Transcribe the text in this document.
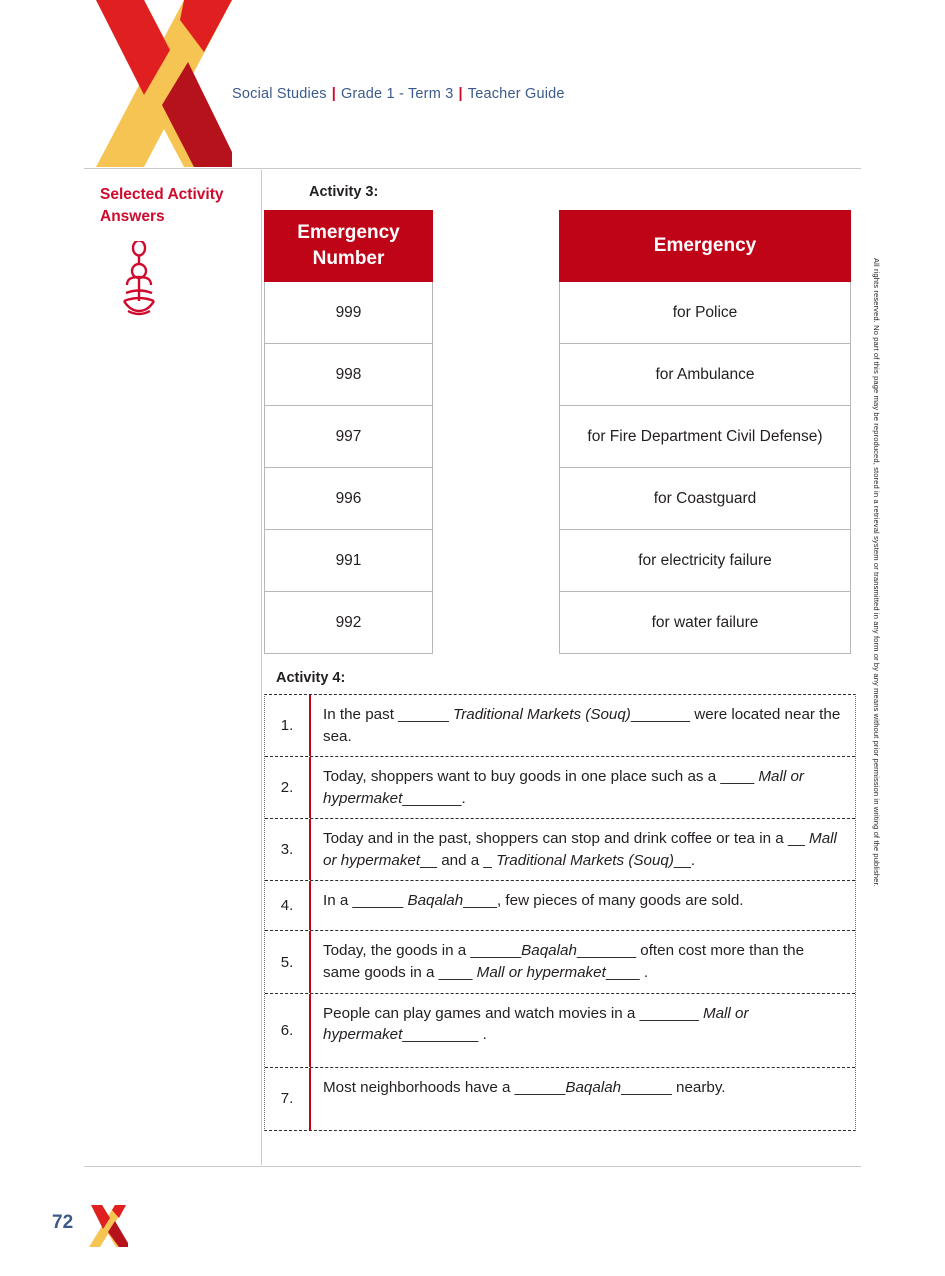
Social Studies | Grade 1 - Term 3 | Teacher Guide
Selected Activity
Answers
All rights reserved. No part of this page may be reproduced, stored in a retrieval system or transmitted in any form or by any means without prior permission in writing of the publisher.
Activity 3:
Emergency
Number
999
998
997
996
991
992
Emergency
for Police
for Ambulance
for Fire Department Civil Defense)
for Coastguard
for electricity failure
for water failure
Activity 4:
1.
In the past ______ Traditional Markets (Souq)_______ were located near the sea.
2.
Today, shoppers want to buy goods in one place such as a ____ Mall or hypermaket_______.
3.
Today and in the past, shoppers can stop and drink coffee or tea in a __ Mall or hypermaket__ and a _ Traditional Markets (Souq)__.
4.	In a ______ Baqalah____, few pieces of many goods are sold.
5.
Today, the goods in a ______Baqalah_______ often cost more than the same goods in a ____ Mall or hypermaket____ .
6.
People can play games and watch movies in a _______ Mall or hypermaket_________ .
7.
Most neighborhoods have a ______Baqalah______ nearby.
72
